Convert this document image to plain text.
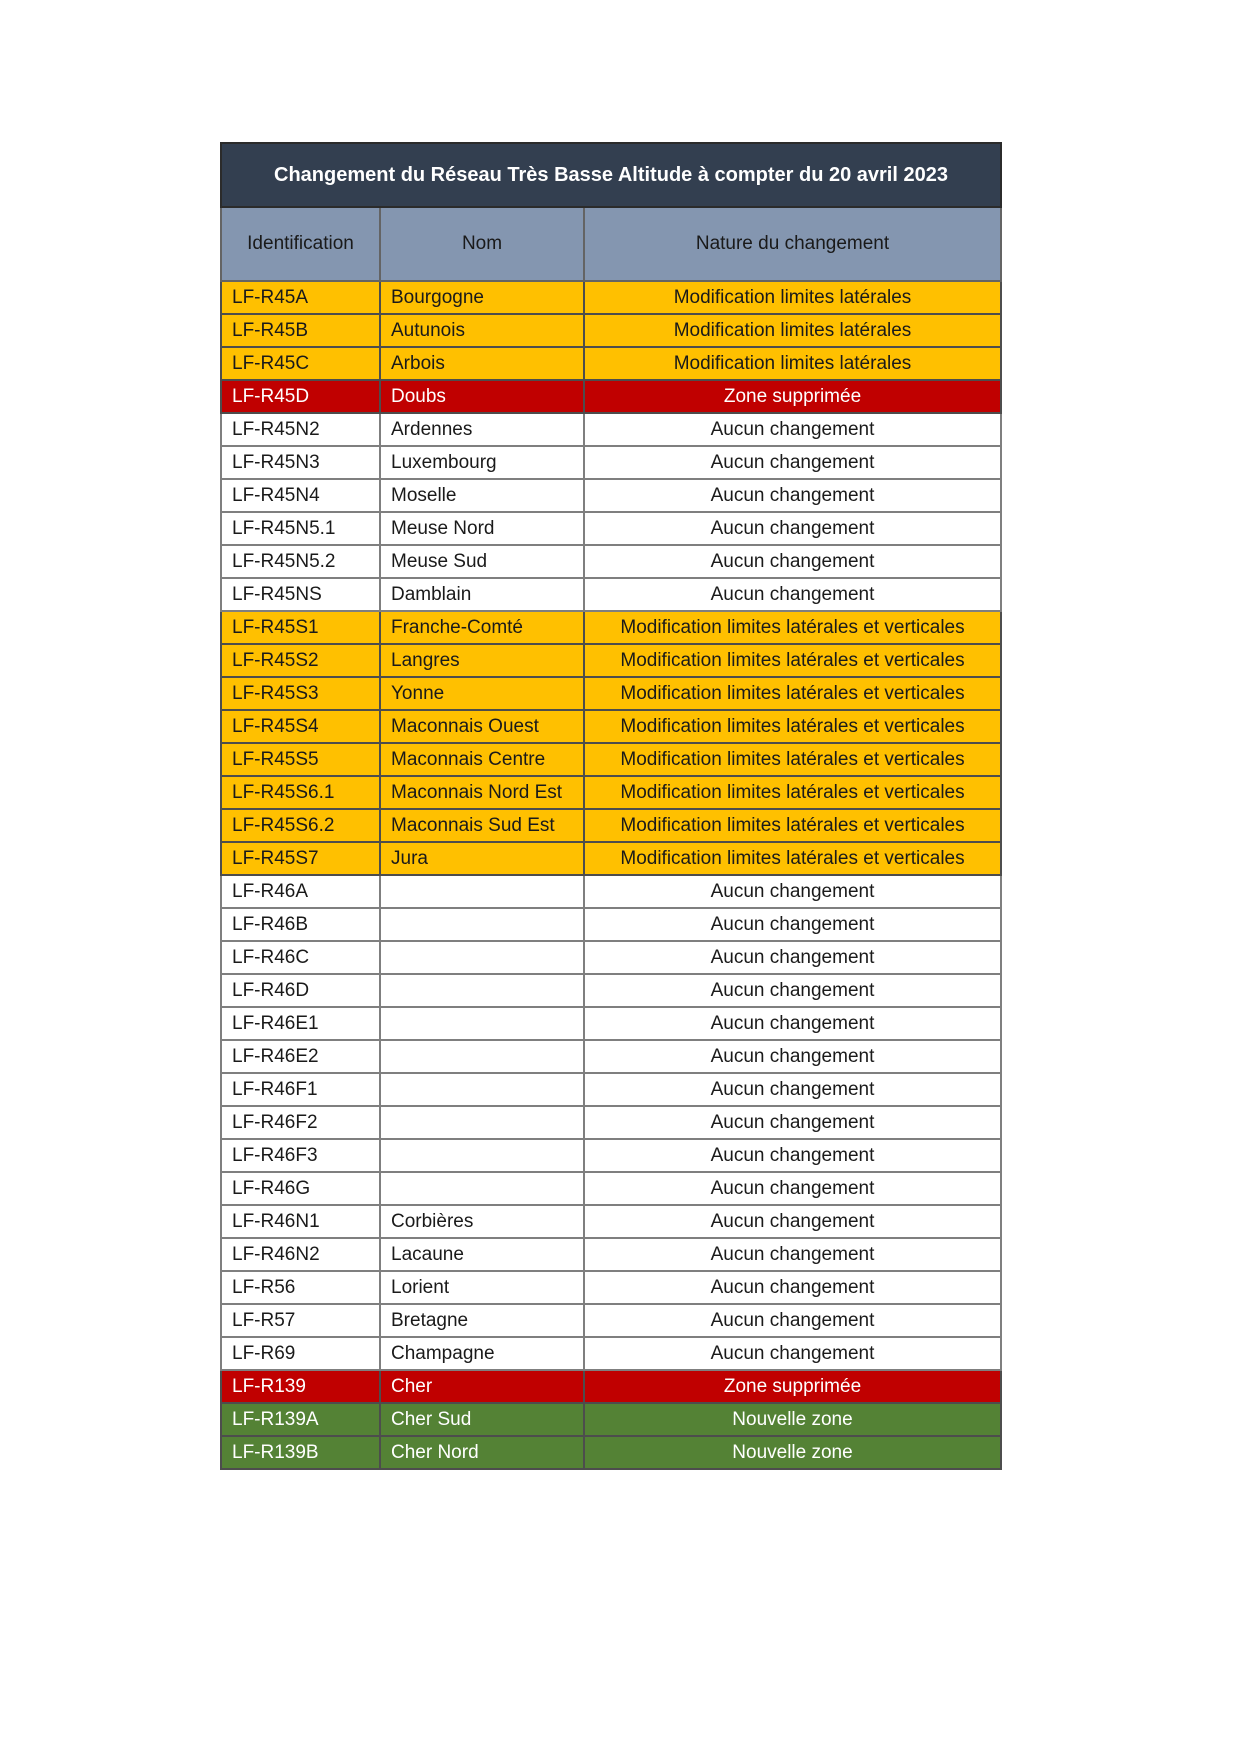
Changement du Réseau Très Basse Altitude à compter du 20 avril 2023		
Identification	Nom	Nature du changement
LF-R45A	Bourgogne	Modification limites latérales
LF-R45B	Autunois	Modification limites latérales
LF-R45C	Arbois	Modification limites latérales
LF-R45D	Doubs	Zone supprimée
LF-R45N2	Ardennes	Aucun changement
LF-R45N3	Luxembourg	Aucun changement
LF-R45N4	Moselle	Aucun changement
LF-R45N5.1	Meuse Nord	Aucun changement
LF-R45N5.2	Meuse Sud	Aucun changement
LF-R45NS	Damblain	Aucun changement
LF-R45S1	Franche-Comté	Modification limites latérales et verticales
LF-R45S2	Langres	Modification limites latérales et verticales
LF-R45S3	Yonne	Modification limites latérales et verticales
LF-R45S4	Maconnais Ouest	Modification limites latérales et verticales
LF-R45S5	Maconnais Centre	Modification limites latérales et verticales
LF-R45S6.1	Maconnais Nord Est	Modification limites latérales et verticales
LF-R45S6.2	Maconnais Sud Est	Modification limites latérales et verticales
LF-R45S7	Jura	Modification limites latérales et verticales
LF-R46A		Aucun changement
LF-R46B		Aucun changement
LF-R46C		Aucun changement
LF-R46D		Aucun changement
LF-R46E1		Aucun changement
LF-R46E2		Aucun changement
LF-R46F1		Aucun changement
LF-R46F2		Aucun changement
LF-R46F3		Aucun changement
LF-R46G		Aucun changement
LF-R46N1	Corbières	Aucun changement
LF-R46N2	Lacaune	Aucun changement
LF-R56	Lorient	Aucun changement
LF-R57	Bretagne	Aucun changement
LF-R69	Champagne	Aucun changement
LF-R139	Cher	Zone supprimée
LF-R139A	Cher Sud	Nouvelle zone
LF-R139B	Cher Nord	Nouvelle zone
